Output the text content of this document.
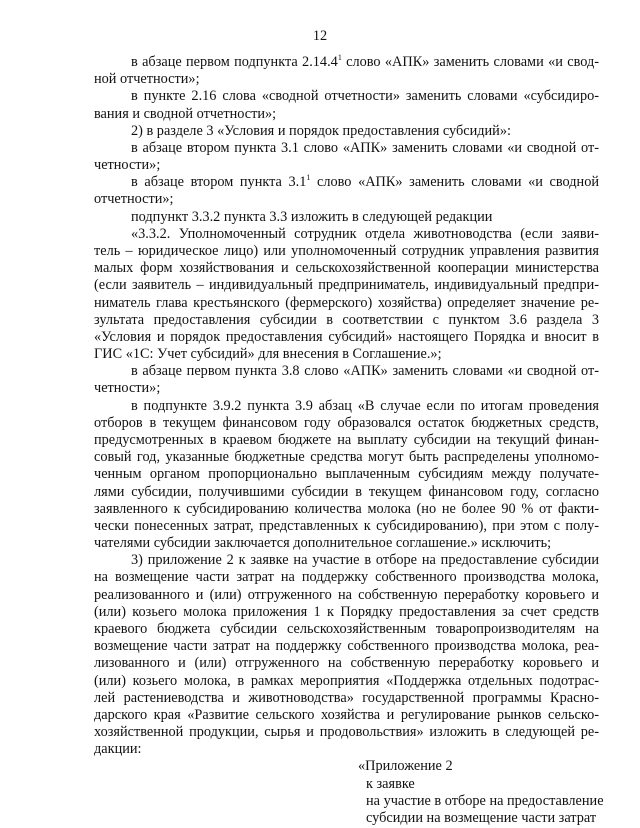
12
в абзаце первом подпункта 2.14.4$^1$ слово «АПК» заменить словами «и свод-
ной отчетности»;
в пункте 2.16 слова «сводной отчетности» заменить словами «субсидиро-
вания и сводной отчетности»;
2) в разделе 3 «Условия и порядок предоставления субсидий»:
в абзаце втором пункта 3.1 слово «АПК» заменить словами «и сводной от-
четности»;
в абзаце втором пункта $3.1^1$ слово «АПК» заменить словами «и сводной
отчетности»;
подпункт 3.3.2 пункта 3.3 изложить в следующей редакции
«3.3.2. Уполномоченный сотрудник отдела животноводства (если заяви-
тель – юридическое лицо) или уполномоченный сотрудник управления развития
малых форм хозяйствования и сельскохозяйственной кооперации министерства
(если заявитель – индивидуальный предприниматель, индивидуальный предпри-
ниматель глава крестьянского (фермерского) хозяйства) определяет значение ре-
зультата предоставления субсидии в соответствии с пунктом 3.6 раздела 3
«Условия и порядок предоставления субсидий» настоящего Порядка и вносит в
ГИС «1С: Учет субсидий» для внесения в Соглашение.»;
в абзаце первом пункта 3.8 слово «АПК» заменить словами «и сводной от-
четности»;
в подпункте 3.9.2 пункта 3.9 абзац «В случае если по итогам проведения
отборов в текущем финансовом году образовался остаток бюджетных средств,
предусмотренных в краевом бюджете на выплату субсидии на текущий финан-
совый год, указанные бюджетные средства могут быть распределены уполномо-
ченным органом пропорционально выплаченным субсидиям между получате-
лями субсидии, получившими субсидии в текущем финансовом году, согласно
заявленного к субсидированию количества молока (но не более 90 % от факти-
чески понесенных затрат, представленных к субсидированию), при этом с полу-
чателями субсидии заключается дополнительное соглашение.» исключить;
3) приложение 2 к заявке на участие в отборе на предоставление субсидии
на возмещение части затрат на поддержку собственного производства молока,
реализованного и (или) отгруженного на собственную переработку коровьего и
(или) козьего молока приложения 1 к Порядку предоставления за счет средств
краевого бюджета субсидии сельскохозяйственным товаропроизводителям на
возмещение части затрат на поддержку собственного производства молока, реа-
лизованного и (или) отгруженного на собственную переработку коровьего и
(или) козьего молока, в рамках мероприятия «Поддержка отдельных подотрас-
лей растениеводства и животноводства» государственной программы Красно-
дарского края «Развитие сельского хозяйства и регулирование рынков сельско-
хозяйственной продукции, сырья и продовольствия» изложить в следующей ре-
дакции:
«Приложение 2
к заявке
на участие в отборе на предоставление
субсидии на возмещение части затрат
